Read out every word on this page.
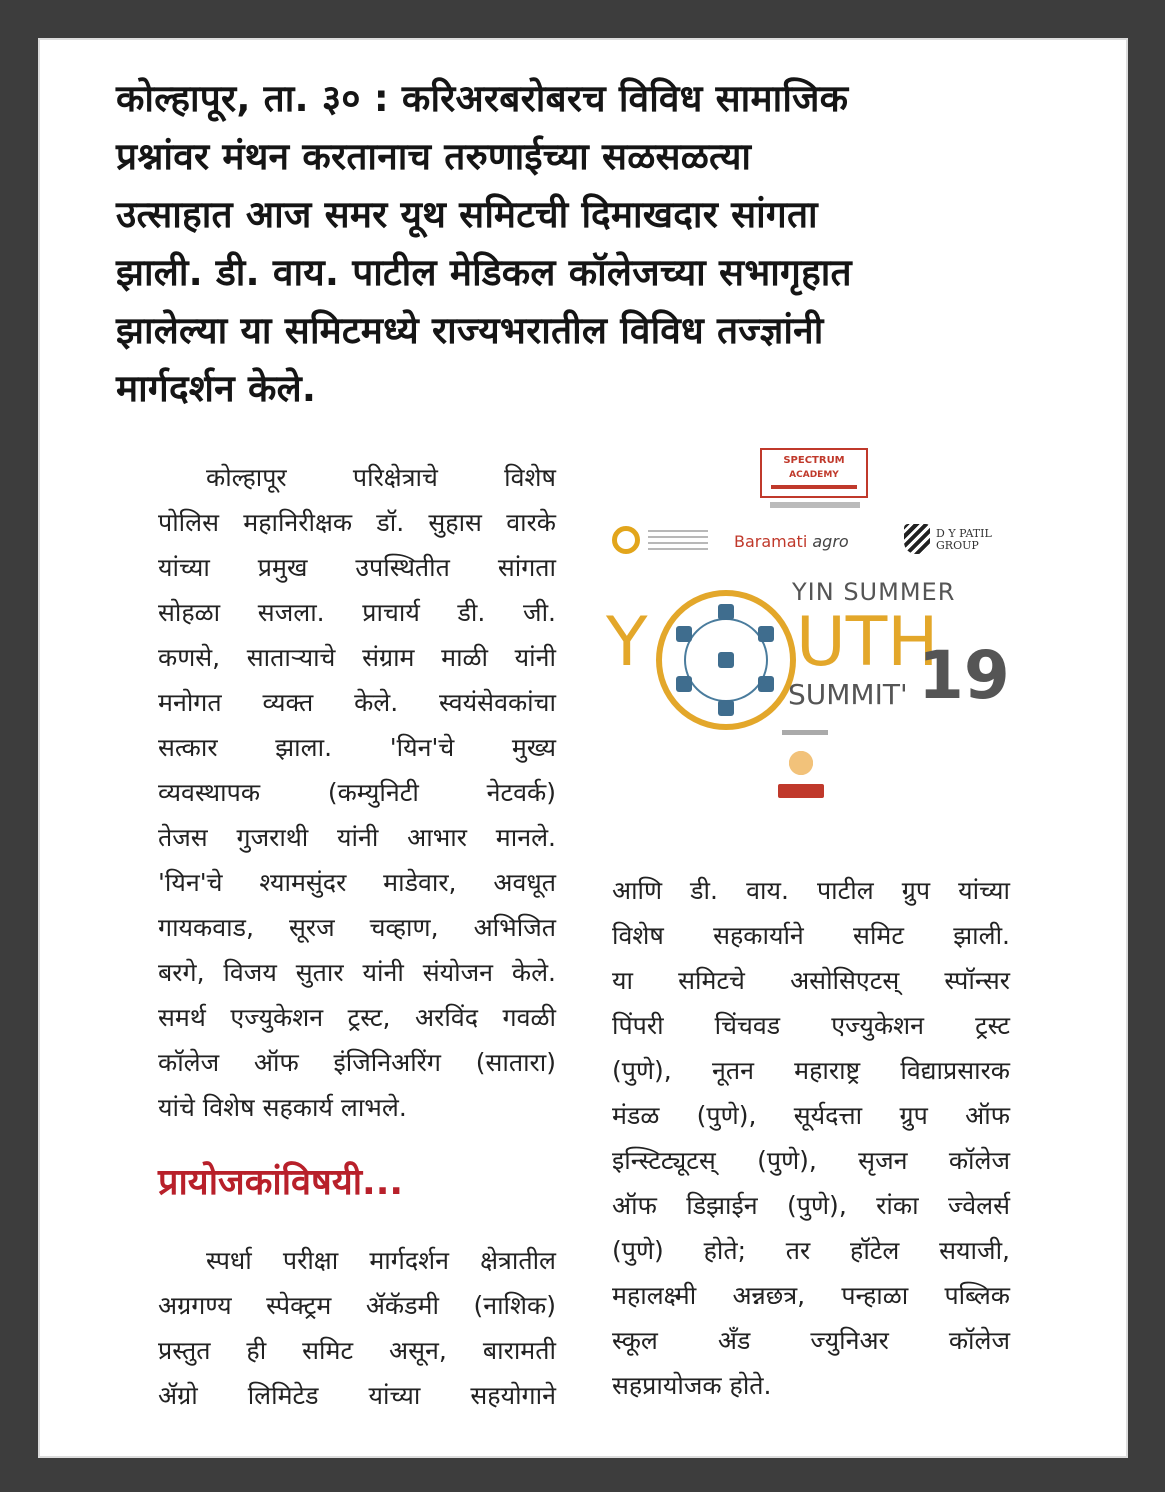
कोल्हापूर, ता. ३० : करिअरबरोबरच विविध सामाजिक
प्रश्नांवर मंथन करतानाच तरुणाईच्या सळसळत्या
उत्साहात आज समर यूथ समिटची दिमाखदार सांगता
झाली. डी. वाय. पाटील मेडिकल कॉलेजच्या सभागृहात
झालेल्या या समिटमध्ये राज्यभरातील विविध तज्ज्ञांनी
मार्गदर्शन केले.
कोल्हापूर परिक्षेत्राचे विशेष
पोलिस महानिरीक्षक डॉ. सुहास वारके
यांच्या प्रमुख उपस्थितीत सांगता
सोहळा सजला. प्राचार्य डी. जी.
कणसे, साताऱ्याचे संग्राम माळी यांनी
मनोगत व्यक्त केले. स्वयंसेवकांचा
सत्कार झाला. 'यिन'चे मुख्य
व्यवस्थापक (कम्युनिटी नेटवर्क)
तेजस गुजराथी यांनी आभार मानले.
'यिन'चे श्यामसुंदर माडेवार, अवधूत
गायकवाड, सूरज चव्हाण, अभिजित
बरगे, विजय सुतार यांनी संयोजन केले.
समर्थ एज्युकेशन ट्रस्ट, अरविंद गवळी
कॉलेज ऑफ इंजिनिअरिंग (सातारा)
यांचे विशेष सहकार्य लाभले.
प्रायोजकांविषयी...
स्पर्धा परीक्षा मार्गदर्शन क्षेत्रातील
अग्रगण्य स्पेक्ट्रम ॲकॅडमी (नाशिक)
प्रस्तुत ही समिट असून, बारामती
ॲग्रो लिमिटेड यांच्या सहयोगाने
आणि डी. वाय. पाटील ग्रुप यांच्या
विशेष सहकार्याने समिट झाली.
या समिटचे असोसिएटस् स्पॉन्सर
पिंपरी चिंचवड एज्युकेशन ट्रस्ट
(पुणे), नूतन महाराष्ट्र विद्याप्रसारक
मंडळ (पुणे), सूर्यदत्ता ग्रुप ऑफ
इन्स्टिट्यूटस् (पुणे), सृजन कॉलेज
ऑफ डिझाईन (पुणे), रांका ज्वेलर्स
(पुणे) होते; तर हॉटेल सयाजी,
महालक्ष्मी अन्नछत्र, पन्हाळा पब्लिक
स्कूल अँड ज्युनिअर कॉलेज
सहप्रायोजक होते.
SPECTRUM
ACADEMY
Baramati agro	D Y PATIL
GROUP
YIN SUMMER
Y UTH
SUMMIT' 19
